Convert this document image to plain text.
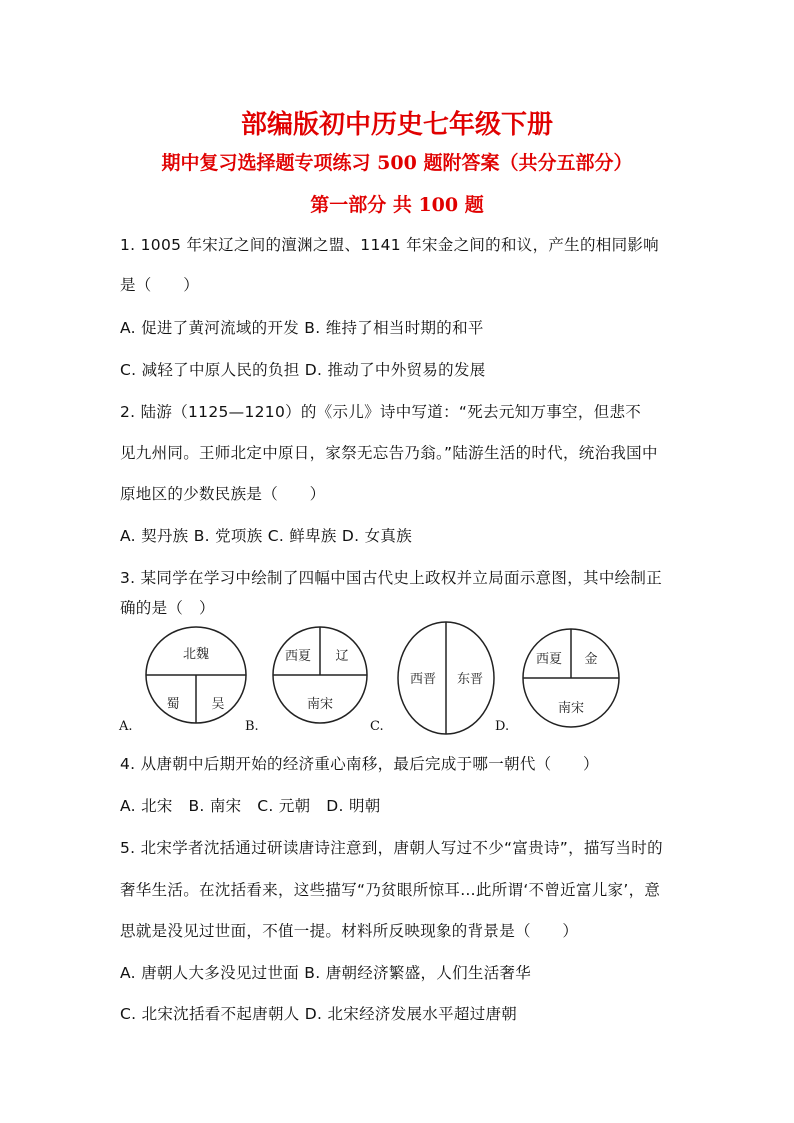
部编版初中历史七年级下册
期中复习选择题专项练习 500 题附答案（共分五部分）
第一部分 共 100 题
1. 1005 年宋辽之间的澶渊之盟、1141 年宋金之间的和议，产生的相同影响
是（　　）
A. 促进了黄河流域的开发 B. 维持了相当时期的和平
C. 减轻了中原人民的负担 D. 推动了中外贸易的发展
2. 陆游（1125—1210）的《示儿》诗中写道：“死去元知万事空，但悲不
见九州同。王师北定中原日，家祭无忘告乃翁。”陆游生活的时代，统治我国中
原地区的少数民族是（　　）
A. 契丹族 B. 党项族 C. 鲜卑族 D. 女真族
3. 某同学在学习中绘制了四幅中国古代史上政权并立局面示意图，其中绘制正
确的是（　）
北魏
蜀 吴
西夏 辽
南宋
西晋 东晋
西夏 金
南宋
A.	B.	C.	D.
4. 从唐朝中后期开始的经济重心南移，最后完成于哪一朝代（　　）
A. 北宋　B. 南宋　C. 元朝　D. 明朝
5. 北宋学者沈括通过研读唐诗注意到，唐朝人写过不少“富贵诗”，描写当时的
奢华生活。在沈括看来，这些描写“乃贫眼所惊耳…此所谓‘不曾近富儿家’，意
思就是没见过世面，不值一提。材料所反映现象的背景是（　　）
A. 唐朝人大多没见过世面 B. 唐朝经济繁盛，人们生活奢华
C. 北宋沈括看不起唐朝人 D. 北宋经济发展水平超过唐朝
